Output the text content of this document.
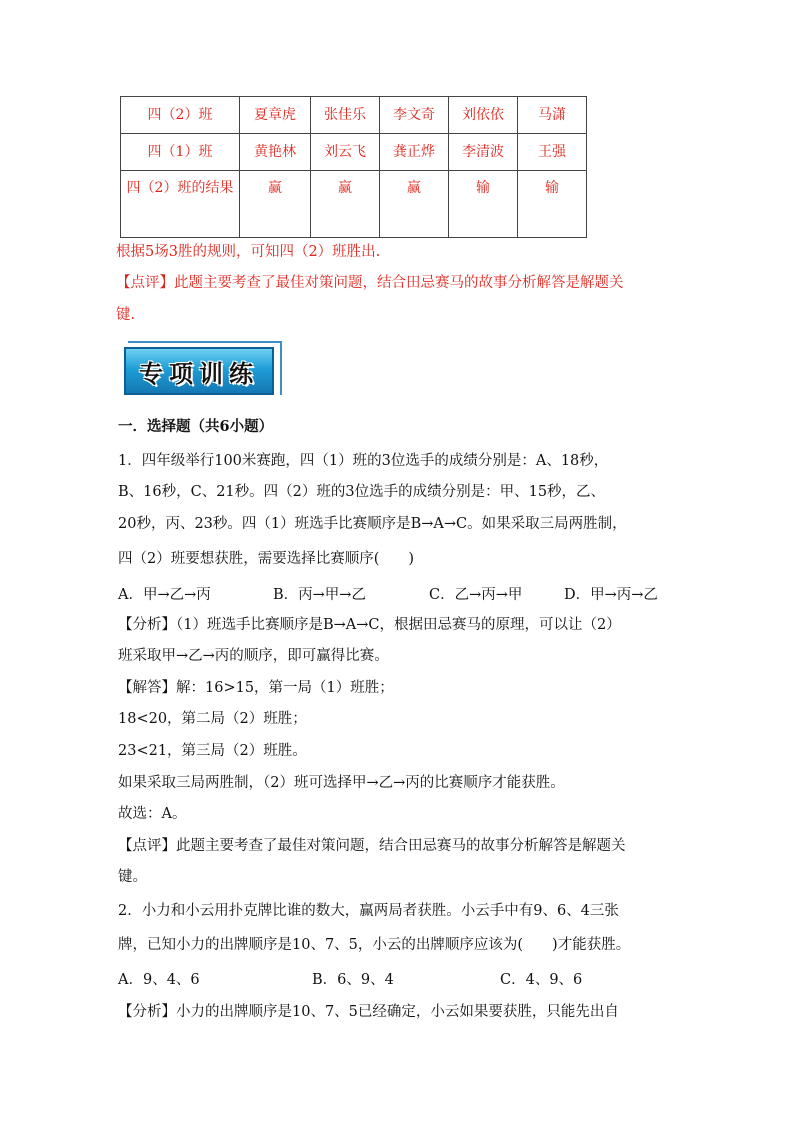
四（2）班	夏章虎	张佳乐	李文奇	刘依依	马潇
四（1）班	黄艳林	刘云飞	龚正烨	李清波	王强

四（2）班的结果	赢	赢	赢	输	输
根据5场3胜的规则，可知四（2）班胜出.
【点评】此题主要考查了最佳对策问题，结合田忌赛马的故事分析解答是解题关
键.
专项训练
一．选择题（共6小题）
1．四年级举行100米赛跑，四（1）班的3位选手的成绩分别是：A、18秒，
B、16秒，C、21秒。四（2）班的3位选手的成绩分别是：甲、15秒，乙、
20秒，丙、23秒。四（1）班选手比赛顺序是B→A→C。如果采取三局两胜制，
四（2）班要想获胜，需要选择比赛顺序(　　)
A．甲→乙→丙	B．丙→甲→乙	C．乙→丙→甲	D．甲→丙→乙
【分析】（1）班选手比赛顺序是B→A→C，根据田忌赛马的原理，可以让（2）
班采取甲→乙→丙的顺序，即可赢得比赛。
【解答】解：16>15，第一局（1）班胜；
18<20，第二局（2）班胜；
23<21，第三局（2）班胜。
如果采取三局两胜制，（2）班可选择甲→乙→丙的比赛顺序才能获胜。
故选：A。
【点评】此题主要考查了最佳对策问题，结合田忌赛马的故事分析解答是解题关
键。
2．小力和小云用扑克牌比谁的数大，赢两局者获胜。小云手中有9、6、4三张
牌，已知小力的出牌顺序是10、7、5，小云的出牌顺序应该为(　　)才能获胜。
A．9、4、6	B．6、9、4	C．4、9、6
【分析】小力的出牌顺序是10、7、5已经确定，小云如果要获胜，只能先出自
